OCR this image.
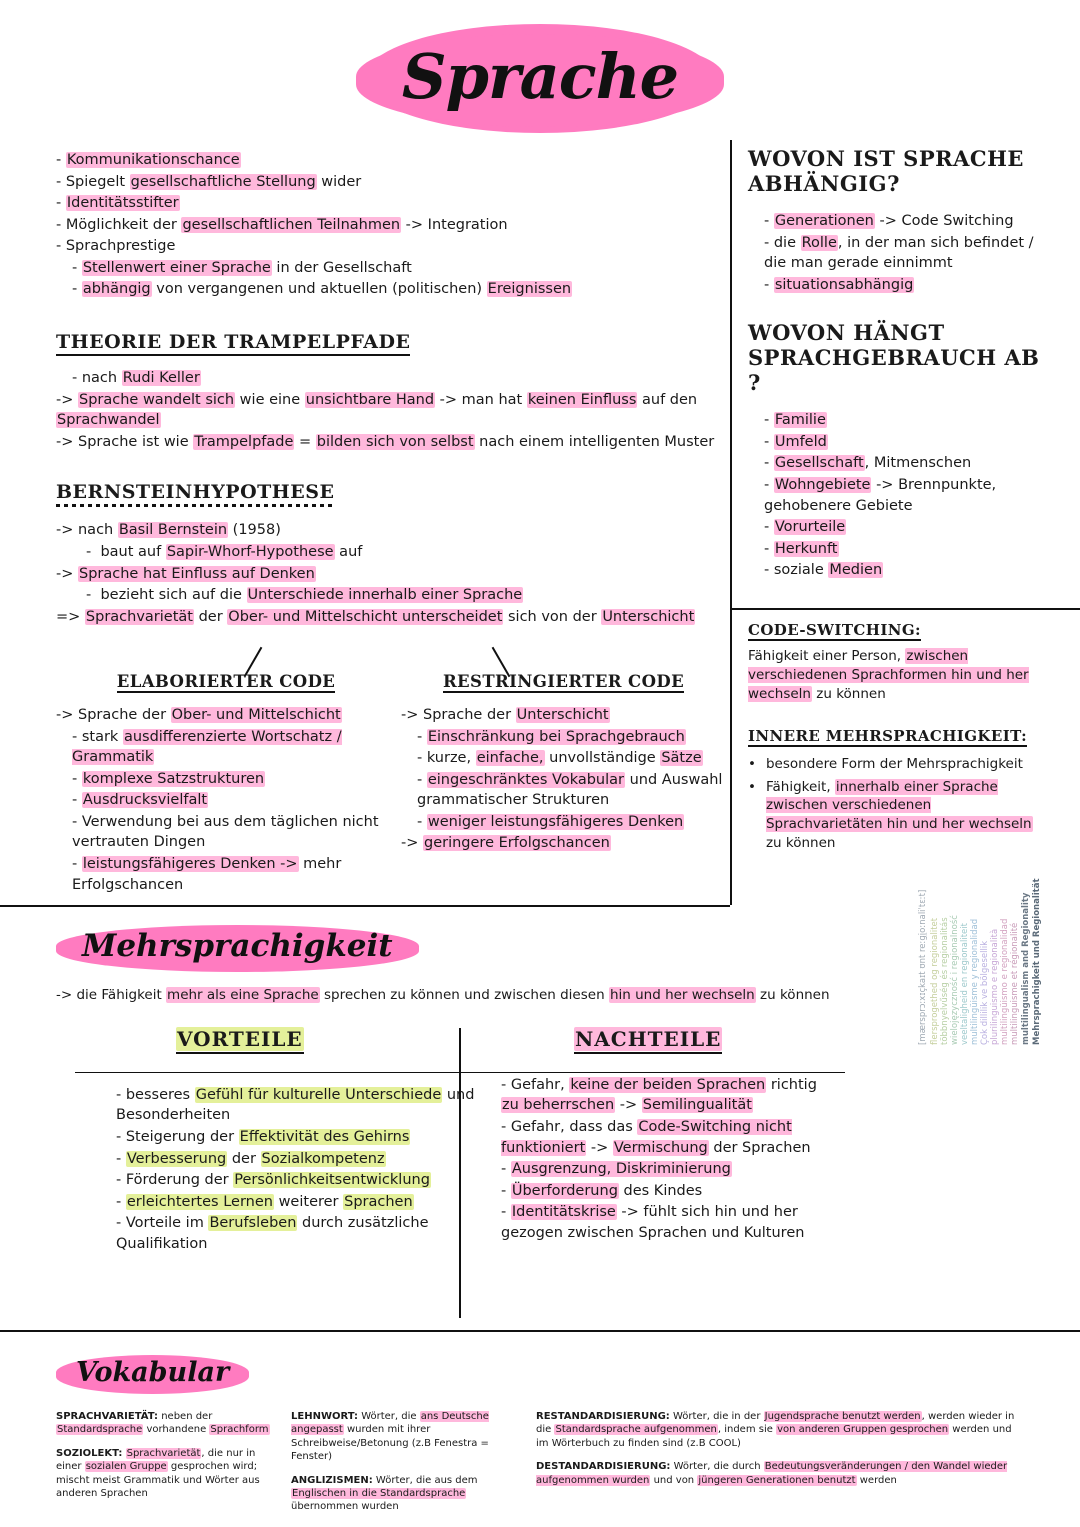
Sprache
- Kommunikationschance
- Spiegelt gesellschaftliche Stellung wider
- Identitätsstifter
- Möglichkeit der gesellschaftlichen Teilnahmen -> Integration
- Sprachprestige
- Stellenwert einer Sprache in der Gesellschaft
- abhängig von vergangenen und aktuellen (politischen) Ereignissen
THEORIE DER TRAMPELPFADE
- nach Rudi Keller
-> Sprache wandelt sich wie eine unsichtbare Hand -> man hat keinen Einfluss auf den Sprachwandel
-> Sprache ist wie Trampelpfade = bilden sich von selbst nach einem intelligenten Muster
BERNSTEINHYPOTHESE
-> nach Basil Bernstein (1958)
-  baut auf Sapir-Whorf-Hypothese auf
-> Sprache hat Einfluss auf Denken
-  bezieht sich auf die Unterschiede innerhalb einer Sprache
=> Sprachvarietät der Ober- und Mittelschicht unterscheidet sich von der Unterschicht
ELABORIERTER CODE
-> Sprache der Ober- und Mittelschicht
- stark ausdifferenzierte Wortschatz / Grammatik
- komplexe Satzstrukturen
- Ausdrucksvielfalt
- Verwendung bei aus dem täglichen nicht vertrauten Dingen
- leistungsfähigeres Denken -> mehr Erfolgschancen
RESTRINGIERTER CODE
-> Sprache der Unterschicht
- Einschränkung bei Sprachgebrauch
- kurze, einfache, unvollständige Sätze
- eingeschränktes Vokabular und Auswahl grammatischer Strukturen
- weniger leistungsfähigeres Denken
-> geringere Erfolgschancen
WOVON IST SPRACHE
ABHÄNGIG?
- Generationen -> Code Switching
- die Rolle, in der man sich befindet / die man gerade einnimmt
- situationsabhängig
WOVON HÄNGT
SPRACHGEBRAUCH AB ?
- Familie
- Umfeld
- Gesellschaft, Mitmenschen
- Wohngebiete -> Brennpunkte, gehobenere Gebiete
- Vorurteile
- Herkunft
- soziale Medien
CODE-SWITCHING:
Fähigkeit einer Person, zwischen verschiedenen Sprachformen hin und her wechseln zu können
INNERE MEHRSPRACHIGKEIT:
• besondere Form der Mehrsprachigkeit
• Fähigkeit, innerhalb einer Sprache zwischen verschiedenen Sprachvarietäten hin und her wechseln zu können
Mehrsprachigkeit
-> die Fähigkeit mehr als eine Sprache sprechen zu können und zwischen diesen hin und her wechseln zu können
VORTEILE	NACHTEILE
- besseres Gefühl für kulturelle Unterschiede und Besonderheiten
- Steigerung der Effektivität des Gehirns
- Verbesserung der Sozialkompetenz
- Förderung der Persönlichkeitsentwicklung
- erleichtertes Lernen weiterer Sprachen
- Vorteile im Berufsleben durch zusätzliche Qualifikation
- Gefahr, keine der beiden Sprachen richtig zu beherrschen -> Semilingualität
- Gefahr, dass das Code-Switching nicht funktioniert -> Vermischung der Sprachen
- Ausgrenzung, Diskriminierung
- Überforderung des Kindes
- Identitätskrise -> fühlt sich hin und her gezogen zwischen Sprachen und Kulturen
Mehrsprachigkeit und Regionalität
multilingualism and Regionality
multilinguisme et régionalité
multilingüismo e regionalidad
plurilinguismo e regionalità
Çok dillilik ve bölgesellik
multilingüisme y regionalidad
veeltaligheid en regionaliteit
wielojęzyczność i regionalność
többnyelvűség és regionalitás
flersprogethed og regionalitet
[mærsprɔːxɪçkaɪt ʊnt reːɡi̯oːnaliˈtɛːt]
Vokabular
SPRACHVARIETÄT: neben der Standardsprache vorhandene Sprachform
SOZIOLEKT: Sprachvarietät, die nur in einer sozialen Gruppe gesprochen wird; mischt meist Grammatik und Wörter aus anderen Sprachen
LEHNWORT: Wörter, die ans Deutsche angepasst wurden mit ihrer Schreibweise/Betonung (z.B Fenestra = Fenster)
ANGLIZISMEN: Wörter, die aus dem Englischen in die Standardsprache übernommen wurden
RESTANDARDISIERUNG: Wörter, die in der Jugendsprache benutzt werden, werden wieder in die Standardsprache aufgenommen, indem sie von anderen Gruppen gesprochen werden und im Wörterbuch zu finden sind (z.B COOL)
DESTANDARDISIERUNG: Wörter, die durch Bedeutungsveränderungen / den Wandel wieder aufgenommen wurden und von jüngeren Generationen benutzt werden
